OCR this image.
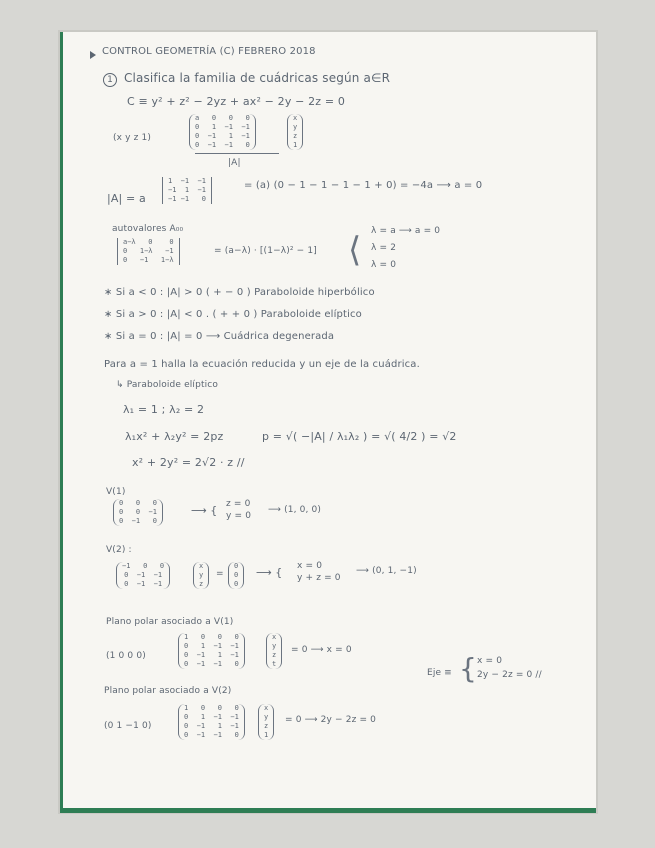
CONTROL GEOMETRÍA (C) FEBRERO 2018
1 Clasifica la familia de cuádricas según a∈R
C ≡ y² + z² − 2yz + ax² − 2y − 2z = 0
(x y z 1)
a   0   0   0
0   1  −1  −1
0  −1   1  −1
0  −1  −1   0
x
y
z
1
|A|
|A| = a
1  −1  −1
−1  1  −1
−1 −1   0
= (a) (0 − 1 − 1 − 1 − 1 + 0) = −4a ⟶ a = 0
autovalores A₀₀
a−λ   0    0
0   1−λ   −1
0   −1   1−λ
= (a−λ) · [(1−λ)² − 1] ⟨ λ = a ⟶ a = 0
λ = 2
λ = 0
∗ Si a < 0 : |A| > 0 ( + − 0 ) Paraboloide hiperbólico
∗ Si a > 0 : |A| < 0 . ( + + 0 ) Paraboloide elíptico
∗ Si a = 0 : |A| = 0 ⟶ Cuádrica degenerada
Para a = 1 halla la ecuación reducida y un eje de la cuádrica.
↳ Paraboloide elíptico
λ₁ = 1 ; λ₂ = 2
λ₁x² + λ₂y² = 2pz	p = √( −|A| / λ₁λ₂ ) = √( 4/2 ) = √2
x² + 2y² = 2√2 · z //
V(1)
0   0   0
0   0  −1
0  −1   0
⟶ { z = 0
y = 0
⟶ (1, 0, 0)
V(2) :
−1   0   0
0  −1  −1
0  −1  −1
x
y
z
=
0
0
0
⟶ { x = 0
y + z = 0
⟶ (0, 1, −1)
Plano polar asociado a V(1)
(1 0 0 0)
1   0   0   0
0   1  −1  −1
0  −1   1  −1
0  −1  −1   0
x
y
z
t
= 0 ⟶ x = 0
Eje ≡ { x = 0
2y − 2z = 0 //
Plano polar asociado a V(2)
(0 1 −1 0)
1   0   0   0
0   1  −1  −1
0  −1   1  −1
0  −1  −1   0
x
y
z
1
= 0 ⟶ 2y − 2z = 0
